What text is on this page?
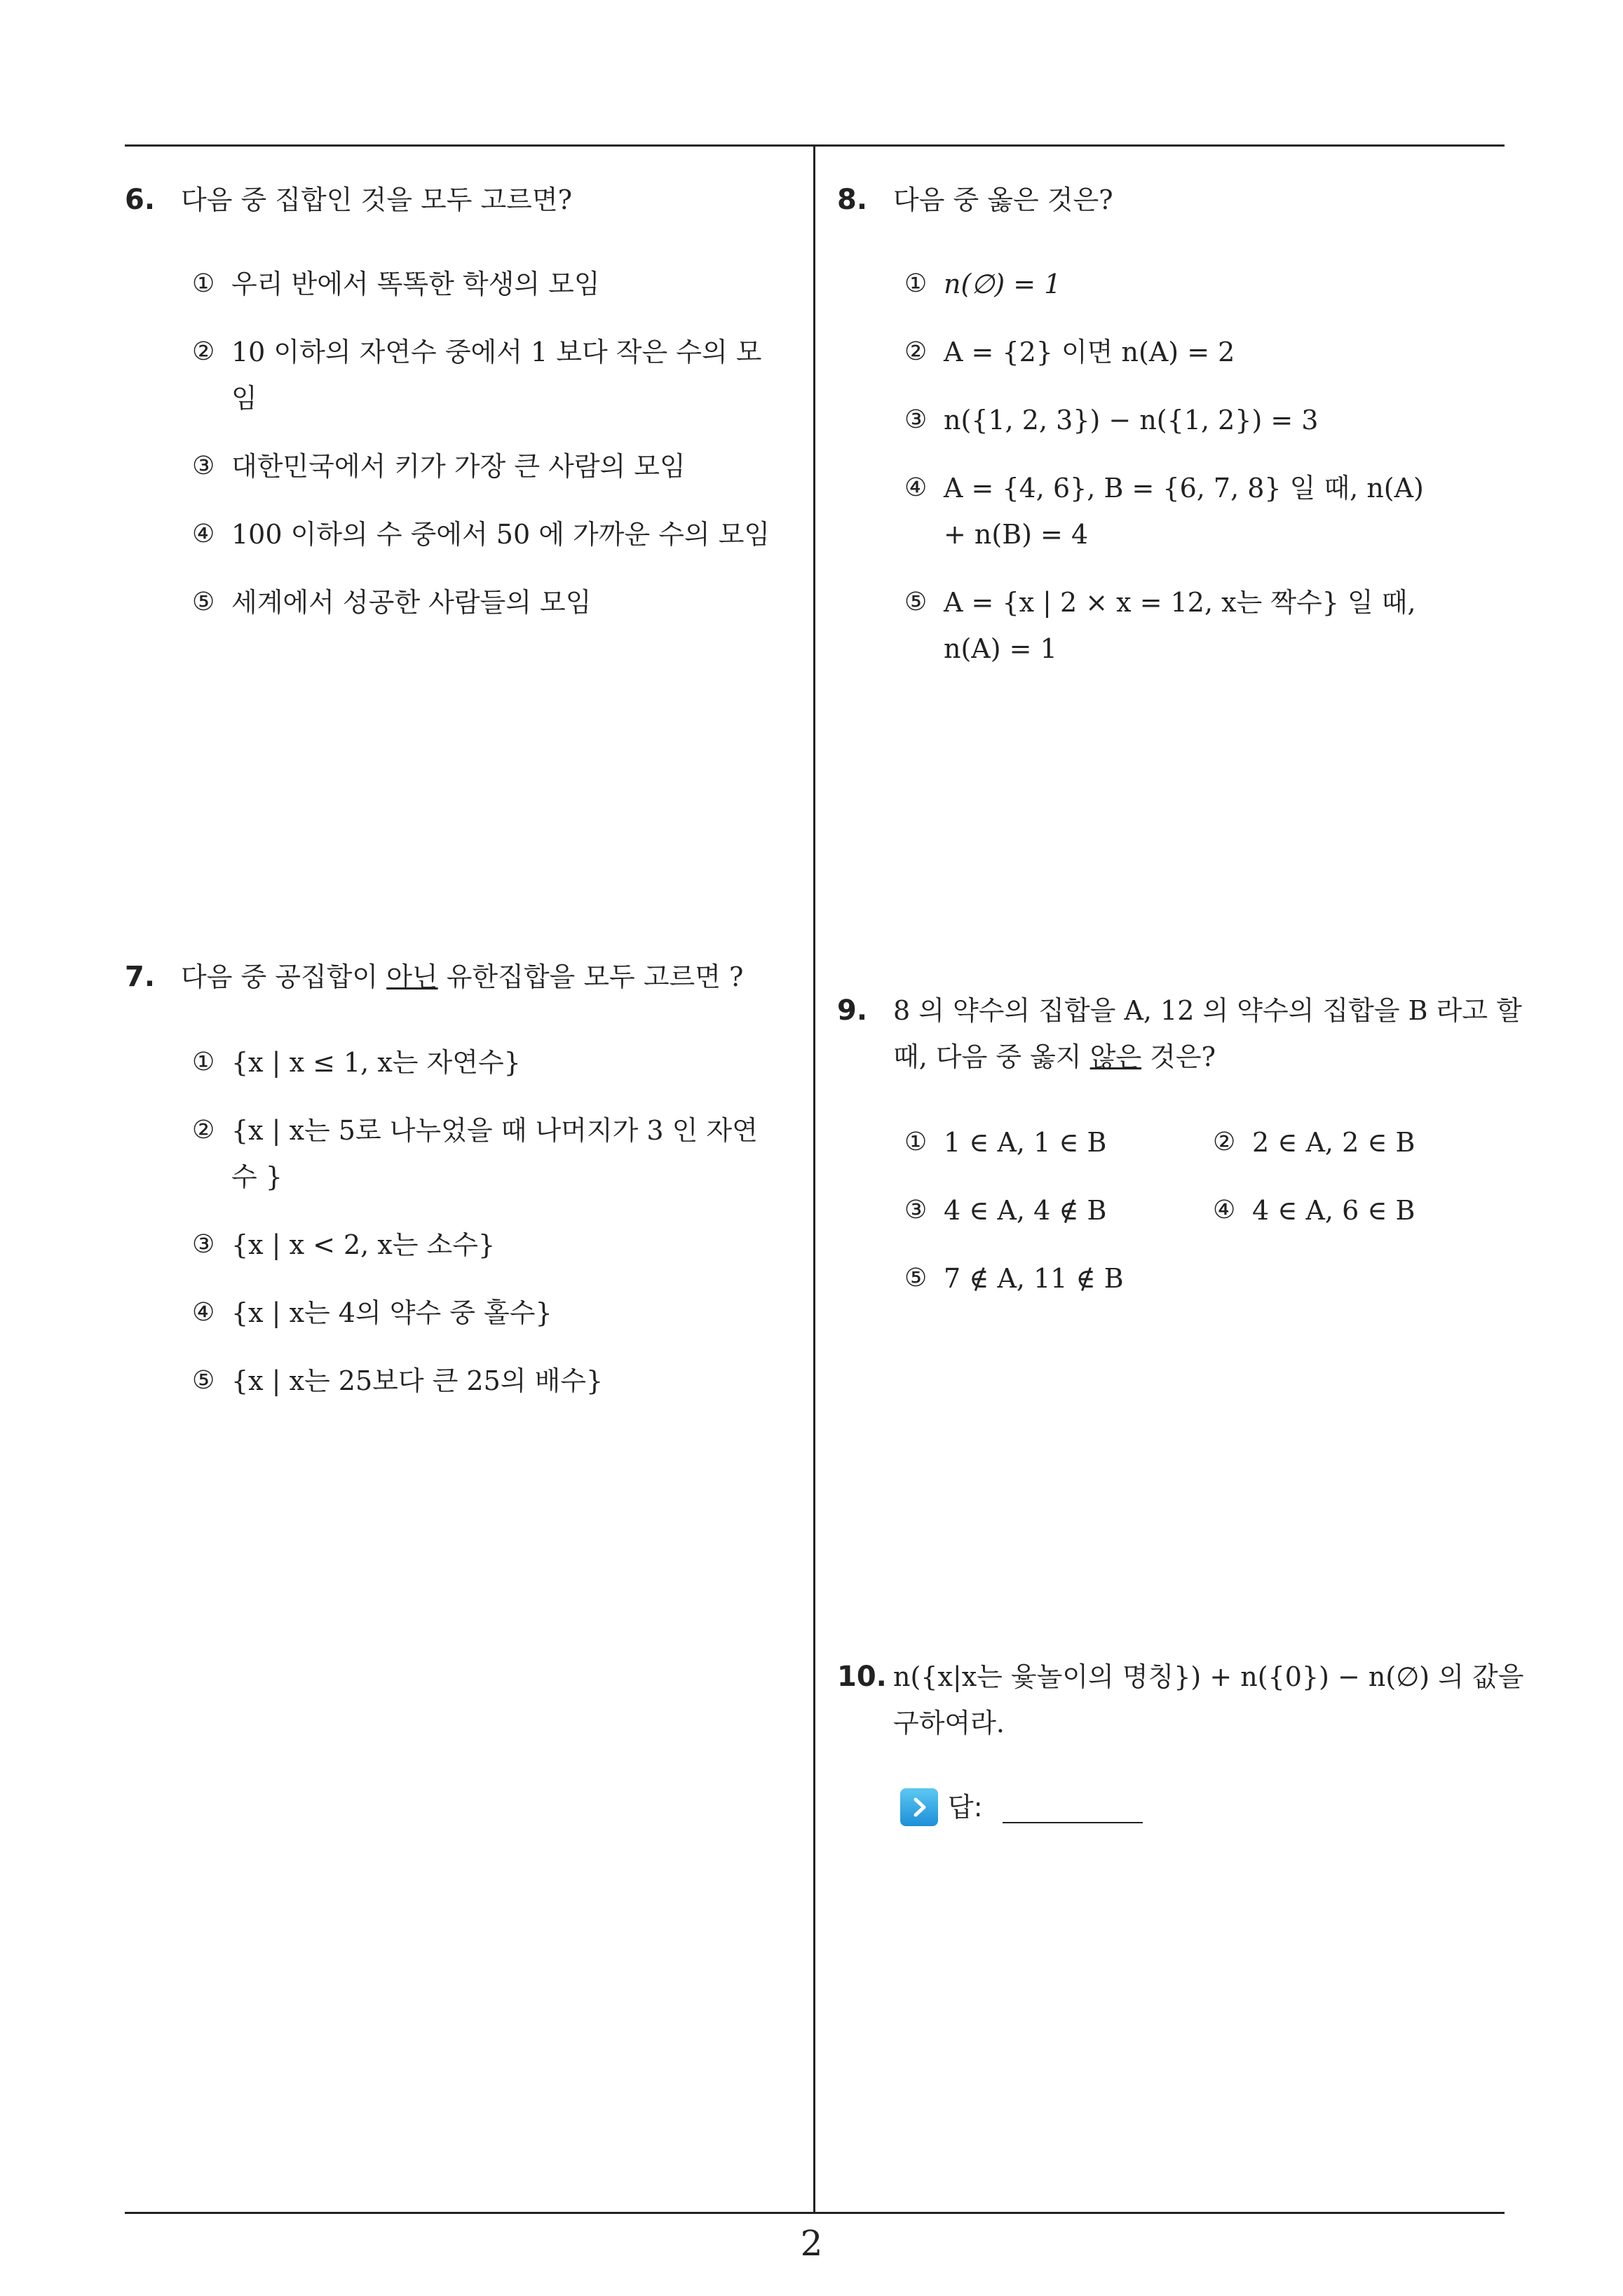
6. 다음 중 집합인 것을 모두 고르면?
① 우리 반에서 똑똑한 학생의 모임
② 10 이하의 자연수 중에서 1 보다 작은 수의 모임
③ 대한민국에서 키가 가장 큰 사람의 모임
④ 100 이하의 수 중에서 50 에 가까운 수의 모임
⑤ 세계에서 성공한 사람들의 모임
7. 다음 중 공집합이 아닌 유한집합을 모두 고르면 ?
① {x | x ≤ 1, x는 자연수}
② {x | x는 5로 나누었을 때 나머지가 3 인 자연수 }
③ {x | x < 2, x는 소수}
④ {x | x는 4의 약수 중 홀수}
⑤ {x | x는 25보다 큰 25의 배수}
8. 다음 중 옳은 것은?
① n(∅) = 1
② A = {2} 이면 n(A) = 2
③ n({1, 2, 3}) − n({1, 2}) = 3
④ A = {4, 6}, B = {6, 7, 8} 일 때, n(A) + n(B) = 4
⑤ A = {x | 2 × x = 12, x는 짝수} 일 때, n(A) = 1
9. 8 의 약수의 집합을 A, 12 의 약수의 집합을 B 라고 할 때, 다음 중 옳지 않은 것은?
① 1 ∈ A, 1 ∈ B	② 2 ∈ A, 2 ∈ B
③ 4 ∈ A, 4 ∉ B	④ 4 ∈ A, 6 ∈ B
⑤ 7 ∉ A, 11 ∉ B
10. n({x|x는 윷놀이의 명칭}) + n({0}) − n(∅) 의 값을 구하여라.
답:
2
